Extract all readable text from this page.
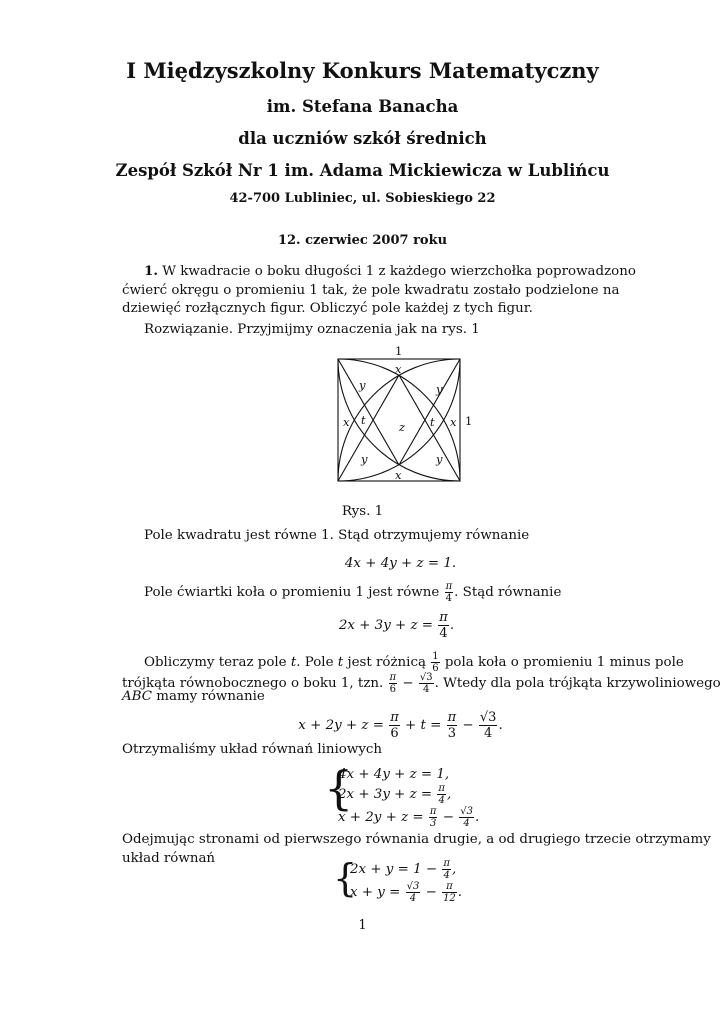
I Międzyszkolny Konkurs Matematyczny
im. Stefana Banacha
dla uczniów szkół średnich
Zespół Szkół Nr 1 im. Adama Mickiewicza w Lublińcu
42-700 Lubliniec, ul. Sobieskiego 22
12. czerwiec 2007 roku
1. W kwadracie o boku długości 1 z każdego wierzchołka poprowadzono ćwierć okręgu o promieniu 1 tak, że pole kwadratu zostało podzielone na dziewięć rozłącznych figur. Obliczyć pole każdej z tych figur.
Rozwiązanie. Przyjmijmy oznaczenia jak na rys. 1
1
1
x
x
x	x
y	y
y	y
z
t	t
Rys. 1
Pole kwadratu jest równe 1. Stąd otrzymujemy równanie
4x + 4y + z = 1.
Pole ćwiartki koła o promieniu 1 jest równe $\frac{\pi}{4}$ . Stąd równanie
$2x + 3y + z = \frac{\pi}{4}$ .
Obliczymy teraz pole t. Pole t jest różnicą $\frac{1}{6}$ pola koła o promieniu 1 minus pole
trójkąta równobocznego o boku 1, tzn. $\frac{\pi}{6} - \frac{√3}{4}$ . Wtedy dla pola trójkąta krzywoliniowego
ABC mamy równanie
$x + 2y + z = \frac{\pi}{6} + t = \frac{\pi}{3} - \frac{√3}{4}$ .
Otrzymaliśmy układ równań liniowych
{
4x + 4y + z = 1,
$2x + 3y + z = \frac{\pi}{4}$ ,
$x + 2y + z = \frac{\pi}{3} - \frac{√3}{4}$ .
Odejmując stronami od pierwszego równania drugie, a od drugiego trzecie otrzymamy
układ równań	{
$2x + y = 1 - \frac{\pi}{4}$ ,
$x + y = \frac{√3}{4} - \frac{\pi}{12}$ .
1
